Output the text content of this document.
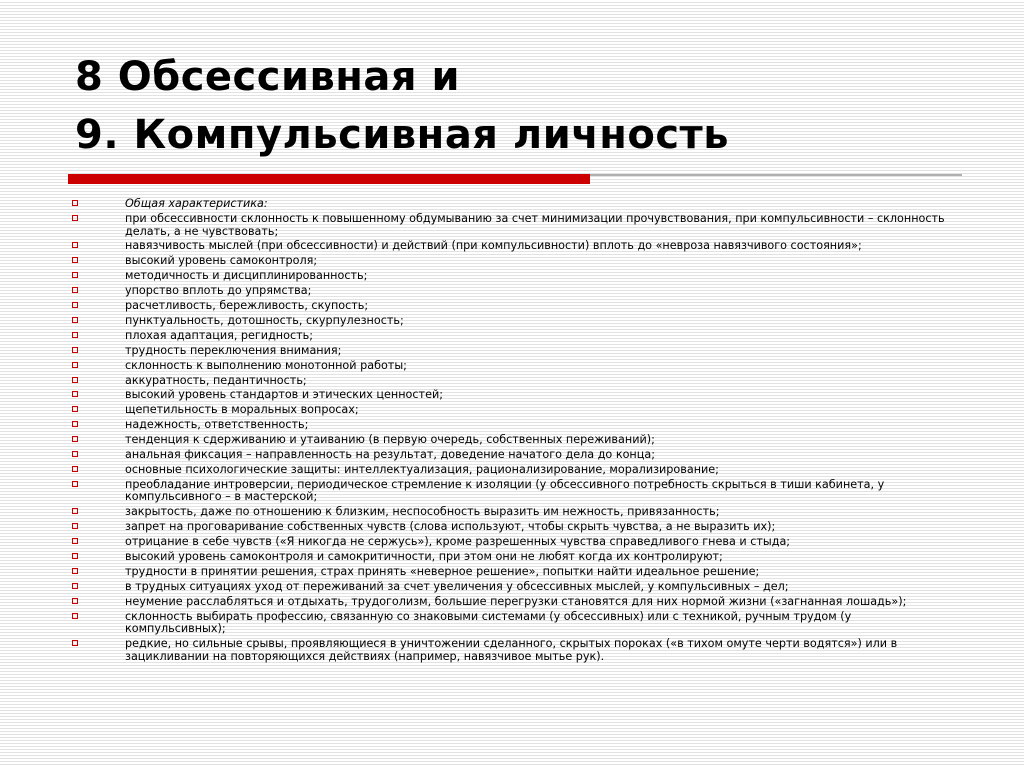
8 Обсессивная и
9. Компульсивная личность
Общая характеристика:
при обсессивности склонность к повышенному обдумыванию за счет минимизации прочувствования, при компульсивности – склонность делать, а не чувствовать;
навязчивость мыслей (при обсессивности) и действий (при компульсивности) вплоть до «невроза навязчивого состояния»;
высокий уровень самоконтроля;
методичность и дисциплинированность;
упорство вплоть до упрямства;
расчетливость, бережливость, скупость;
пунктуальность, дотошность, скурпулезность;
плохая адаптация, регидность;
трудность переключения внимания;
склонность к выполнению монотонной работы;
аккуратность, педантичность;
высокий уровень стандартов и этических ценностей;
щепетильность в моральных вопросах;
надежность, ответственность;
тенденция к сдерживанию и утаиванию (в первую очередь, собственных переживаний);
анальная фиксация – направленность на результат, доведение начатого дела до конца;
основные психологические защиты: интеллектуализация, рационализирование, морализирование;
преобладание интроверсии, периодическое стремление к изоляции (у обсессивного потребность скрыться в тиши кабинета, у компульсивного – в мастерской;
закрытость, даже по отношению к близким, неспособность выразить им нежность, привязанность;
запрет на проговаривание собственных чувств (слова используют, чтобы скрыть чувства, а не выразить их);
отрицание в себе чувств («Я никогда не сержусь»), кроме разрешенных чувства справедливого гнева и стыда;
высокий уровень самоконтроля и самокритичности, при этом они не любят когда их контролируют;
трудности в принятии решения, страх принять «неверное решение», попытки найти идеальное решение;
в трудных ситуациях уход от переживаний за счет увеличения у обсессивных мыслей, у компульсивных – дел;
неумение расслабляться и отдыхать, трудоголизм, большие перегрузки становятся для них нормой жизни («загнанная лошадь»);
склонность выбирать профессию, связанную со знаковыми системами (у обсессивных) или с техникой, ручным трудом (у компульсивных);
редкие, но сильные срывы, проявляющиеся в уничтожении сделанного, скрытых пороках («в тихом омуте черти водятся») или в зацикливании на повторяющихся действиях (например, навязчивое мытье рук).
